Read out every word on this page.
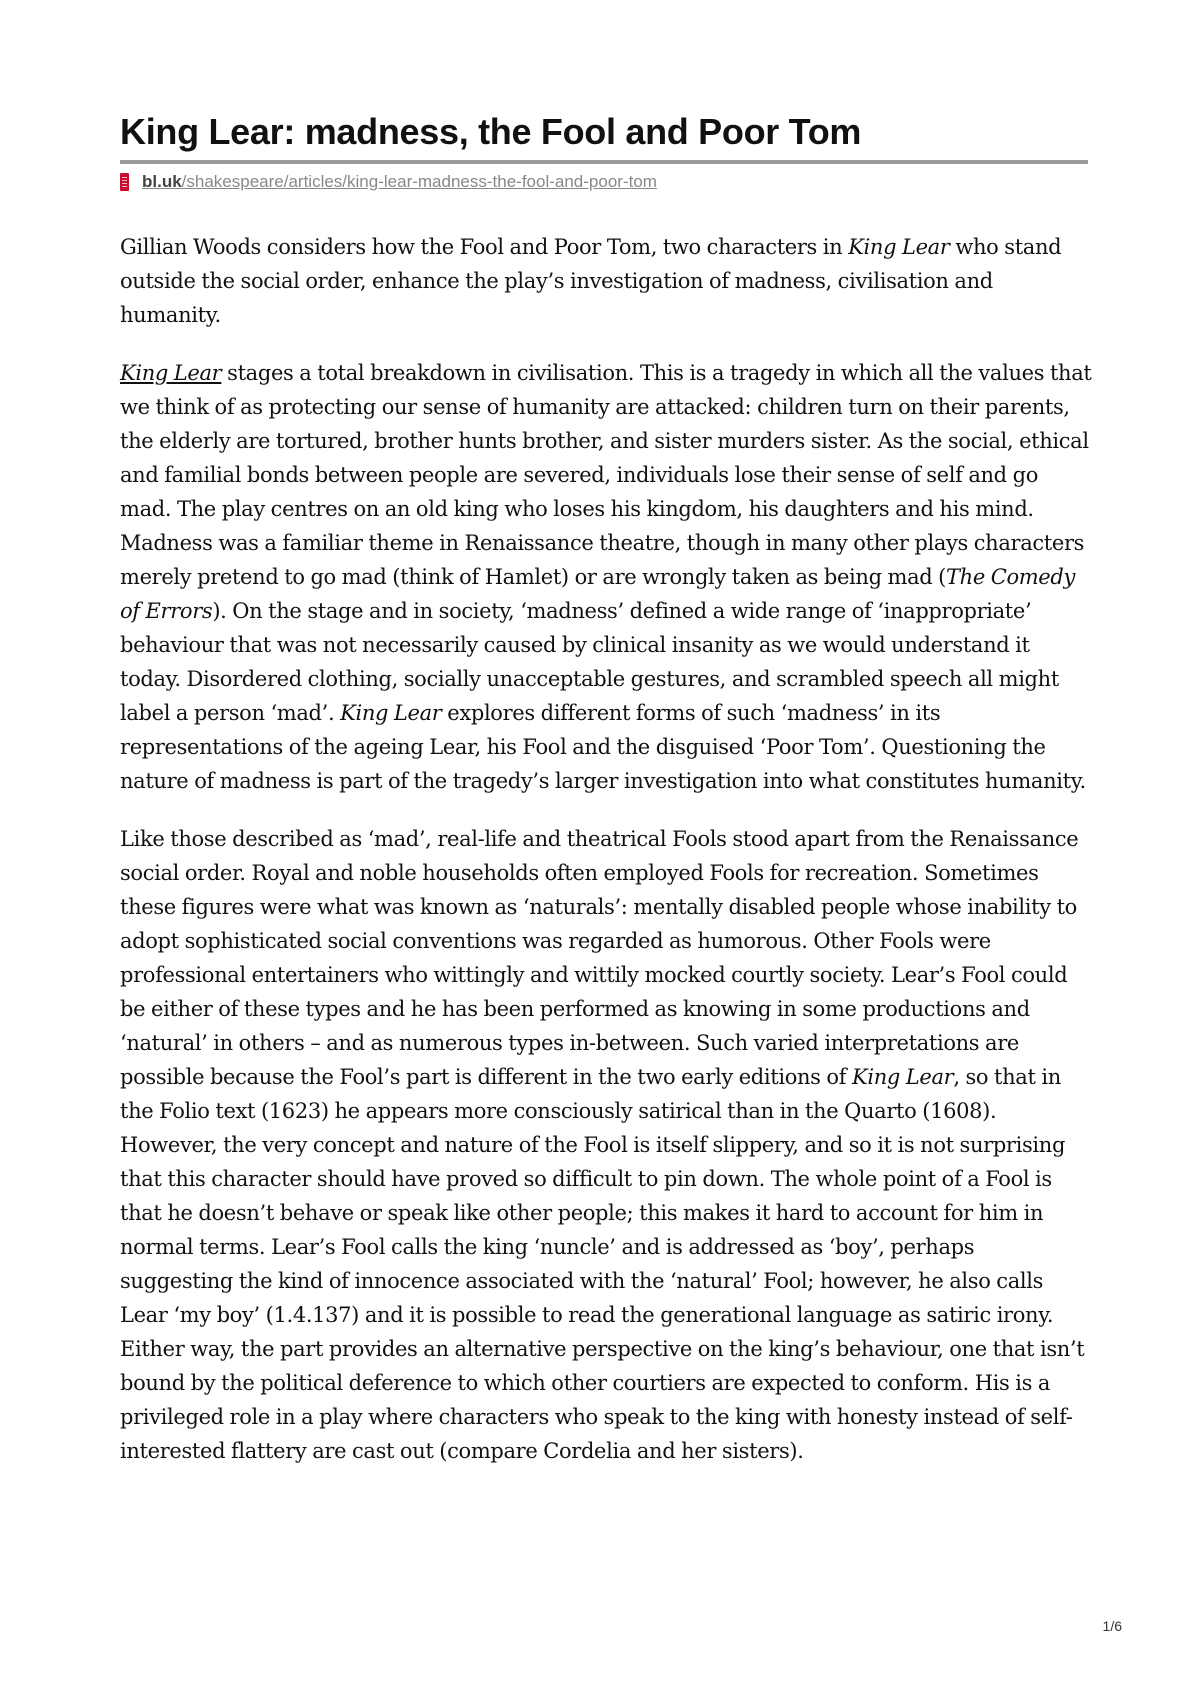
King Lear: madness, the Fool and Poor Tom
bl.uk/shakespeare/articles/king-lear-madness-the-fool-and-poor-tom

Gillian Woods considers how the Fool and Poor Tom, two characters in King Lear who stand outside the social order, enhance the play’s investigation of madness, civilisation and humanity.

King Lear stages a total breakdown in civilisation. This is a tragedy in which all the values that we think of as protecting our sense of humanity are attacked: children turn on their parents, the elderly are tortured, brother hunts brother, and sister murders sister. As the social, ethical and familial bonds between people are severed, individuals lose their sense of self and go mad. The play centres on an old king who loses his kingdom, his daughters and his mind. Madness was a familiar theme in Renaissance theatre, though in many other plays characters merely pretend to go mad (think of Hamlet) or are wrongly taken as being mad (The Comedy of Errors). On the stage and in society, ‘madness’ defined a wide range of ‘inappropriate’ behaviour that was not necessarily caused by clinical insanity as we would understand it today. Disordered clothing, socially unacceptable gestures, and scrambled speech all might label a person ‘mad’. King Lear explores different forms of such ‘madness’ in its representations of the ageing Lear, his Fool and the disguised ‘Poor Tom’. Questioning the nature of madness is part of the tragedy’s larger investigation into what constitutes humanity.

Like those described as ‘mad’, real-life and theatrical Fools stood apart from the Renaissance social order. Royal and noble households often employed Fools for recreation. Sometimes these figures were what was known as ‘naturals’: mentally disabled people whose inability to adopt sophisticated social conventions was regarded as humorous. Other Fools were professional entertainers who wittingly and wittily mocked courtly society. Lear’s Fool could be either of these types and he has been performed as knowing in some productions and ‘natural’ in others – and as numerous types in-between. Such varied interpretations are possible because the Fool’s part is different in the two early editions of King Lear, so that in the Folio text (1623) he appears more consciously satirical than in the Quarto (1608). However, the very concept and nature of the Fool is itself slippery, and so it is not surprising that this character should have proved so difficult to pin down. The whole point of a Fool is that he doesn’t behave or speak like other people; this makes it hard to account for him in normal terms. Lear’s Fool calls the king ‘nuncle’ and is addressed as ‘boy’, perhaps suggesting the kind of innocence associated with the ‘natural’ Fool; however, he also calls Lear ‘my boy’ (1.4.137) and it is possible to read the generational language as satiric irony. Either way, the part provides an alternative perspective on the king’s behaviour, one that isn’t bound by the political deference to which other courtiers are expected to conform. His is a privileged role in a play where characters who speak to the king with honesty instead of self-interested flattery are cast out (compare Cordelia and her sisters).

1/6
